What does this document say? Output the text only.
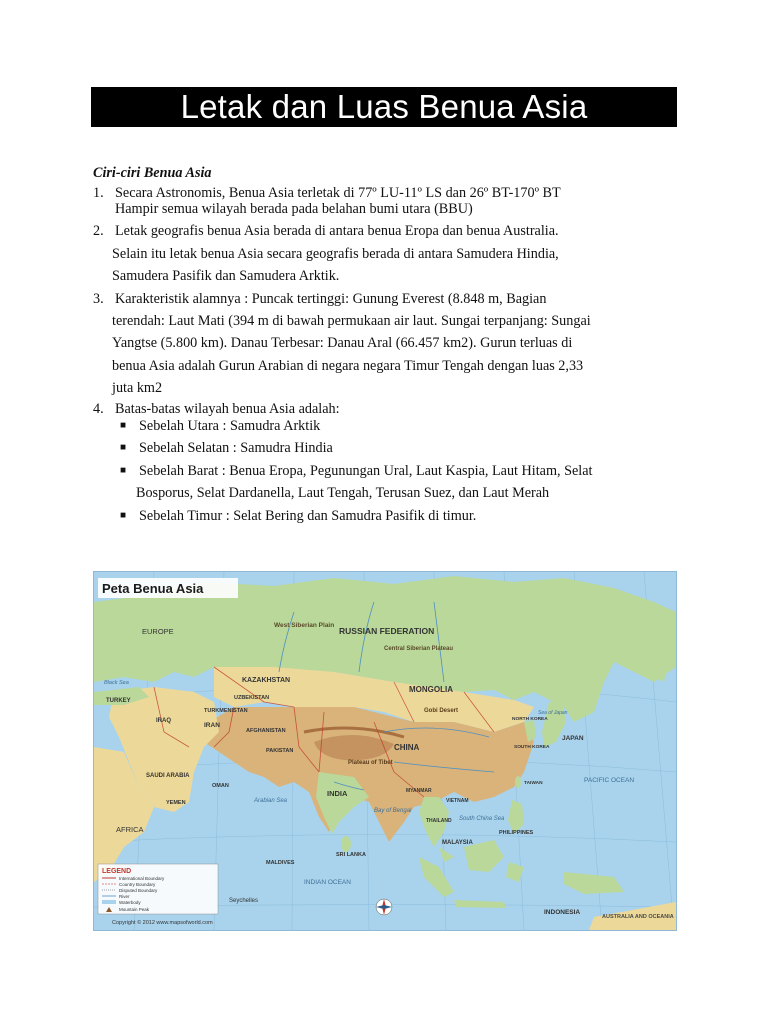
Letak dan Luas Benua Asia
Ciri-ciri Benua Asia
1. Secara Astronomis, Benua Asia terletak di 77º LU-11º LS dan 26º BT-170º BT
Hampir semua wilayah berada pada belahan bumi utara (BBU)
2. Letak geografis benua Asia berada di antara benua Eropa dan benua Australia.
Selain itu letak benua Asia secara geografis berada di antara Samudera Hindia,
Samudera Pasifik dan Samudera Arktik.
3. Karakteristik alamnya : Puncak tertinggi: Gunung Everest (8.848 m, Bagian
terendah: Laut Mati (394 m di bawah permukaan air laut. Sungai terpanjang: Sungai
Yangtse (5.800 km). Danau Terbesar: Danau Aral (66.457 km2). Gurun terluas di
benua Asia adalah Gurun Arabian di negara negara Timur Tengah dengan luas 2,33
juta km2
4. Batas-batas wilayah benua Asia adalah:
■ Sebelah Utara : Samudra Arktik
■ Sebelah Selatan : Samudra Hindia
■ Sebelah Barat : Benua Eropa, Pegunungan Ural, Laut Kaspia, Laut Hitam, Selat
Bosporus, Selat Dardanella, Laut Tengah, Terusan Suez, dan Laut Merah
■ Sebelah Timur : Selat Bering dan Samudra Pasifik di timur.
Peta Benua Asia
RUSSIAN FEDERATION
West Siberian Plain
Central Siberian Plateau
KAZAKHSTAN
MONGOLIA
CHINA
INDIA
Plateau of Tibet
Gobi Desert
JAPAN
EUROPE
AFRICA
TURKEY
IRAN
IRAQ
SAUDI ARABIA
AFGHANISTAN
PAKISTAN
INDONESIA
MALAYSIA
PHILIPPINES
SRI LANKA
MALDIVES
Seychelles
AUSTRALIA AND OCEANIA
PACIFIC OCEAN
INDIAN OCEAN
Arabian Sea
Bay of Bengal
South China Sea
UZBEKISTAN
TURKMENISTAN
YEMEN
OMAN
THAILAND
MYANMAR
VIETNAM
NORTH KOREA
SOUTH KOREA
TAIWAN
Sea of Japan
Black Sea
LEGEND
International Boundary
Country Boundary
Disputed Boundary
River
Waterbody
Mountain Peak
Copyright © 2012 www.mapsofworld.com
